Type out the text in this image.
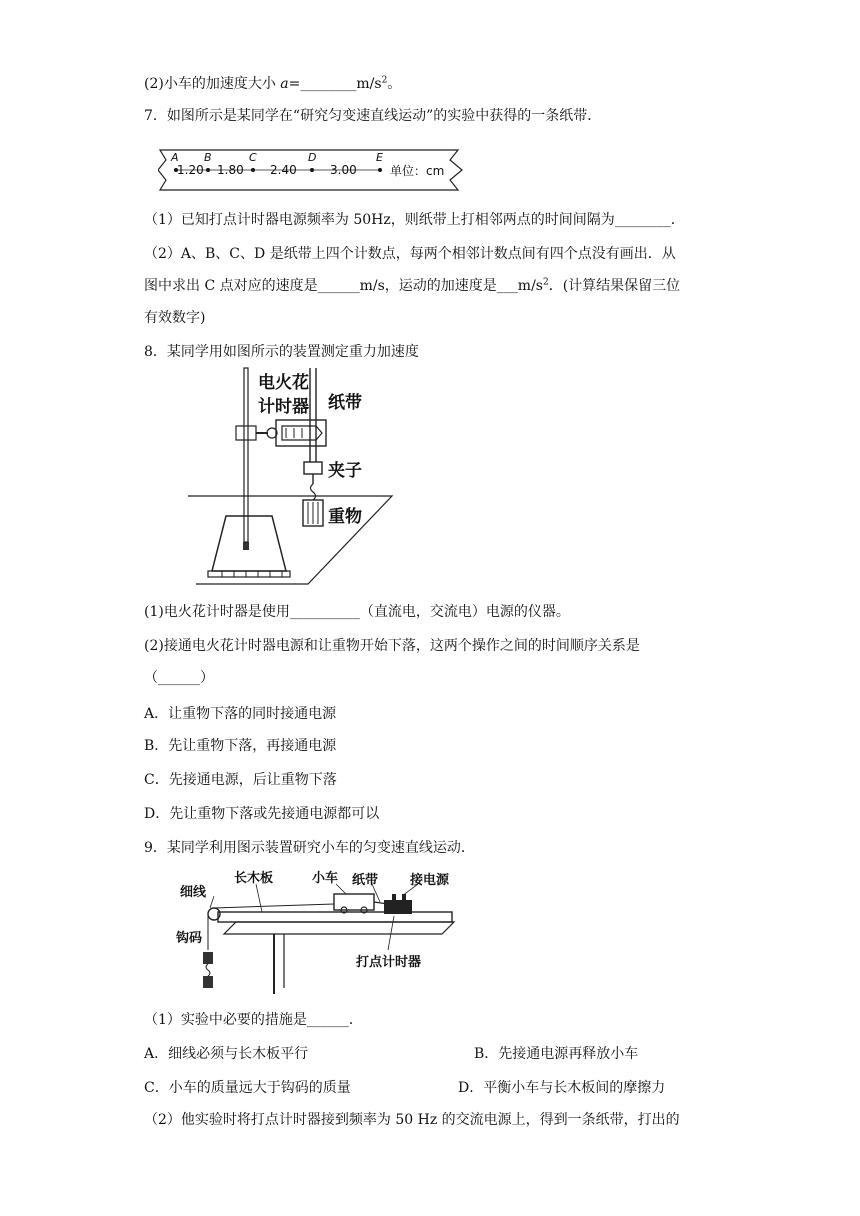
(2)小车的加速度大小 $a=\_\_\_\_\_\_\_\_m/s^2$。
7．如图所示是某同学在“研究匀变速直线运动”的实验中获得的一条纸带．
A B	C	D	E
1.20 1.80 2.40	3.00	单位：cm
（1）已知打点计时器电源频率为 50Hz，则纸带上打相邻两点的时间间隔为________．
（2）A、B、C、D 是纸带上四个计数点，每两个相邻计数点间有四个点没有画出．从
图中求出 C 点对应的速度是______m/s，运动的加速度是$\_\_\_m/s^2$．(计算结果保留三位
有效数字)
8．某同学用如图所示的装置测定重力加速度
电火花
计时器 纸带
夹子
重物
(1)电火花计时器是使用__________（直流电，交流电）电源的仪器。
(2)接通电火花计时器电源和让重物开始下落，这两个操作之间的时间顺序关系是
（______）
A．让重物下落的同时接通电源
B．先让重物下落，再接通电源
C．先接通电源，后让重物下落
D．先让重物下落或先接通电源都可以
9．某同学利用图示装置研究小车的匀变速直线运动．
细线
长木板	小车 纸带 接电源
钩码
打点计时器
（1）实验中必要的措施是______．
A．细线必须与长木板平行	B．先接通电源再释放小车
C．小车的质量远大于钩码的质量	D．平衡小车与长木板间的摩擦力
（2）他实验时将打点计时器接到频率为 50 Hz 的交流电源上，得到一条纸带，打出的
